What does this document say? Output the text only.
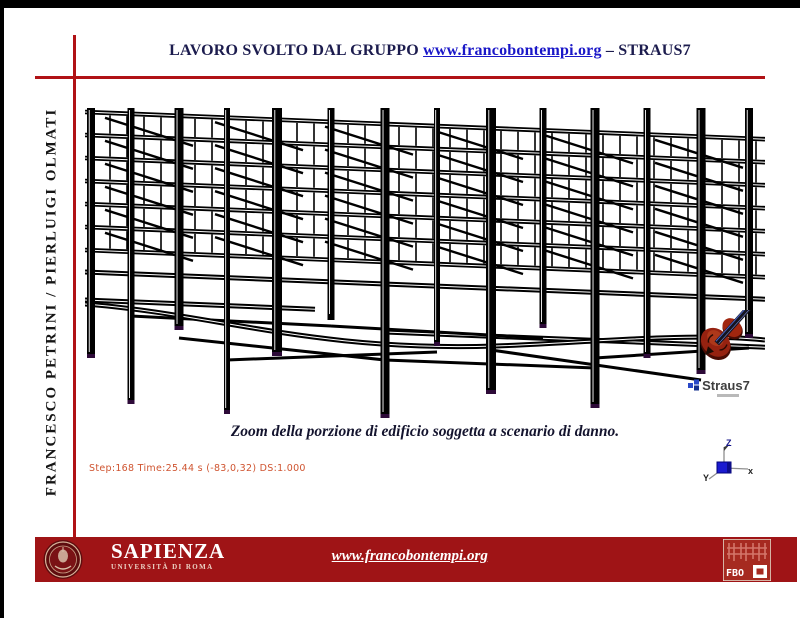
LAVORO SVOLTO DAL GRUPPO www.francobontempi.org – STRAUS7
FRANCESCO PETRINI / PIERLUIGI OLMATI	Straus7
Zoom della porzione di edificio soggetta a scenario di danno.
Step:168 Time:25.44 s (-83,0,32) DS:1.000
Z
x
Y
SAPIENZA
UNIVERSITÀ DI ROMA
www.francobontempi.org
FBO
